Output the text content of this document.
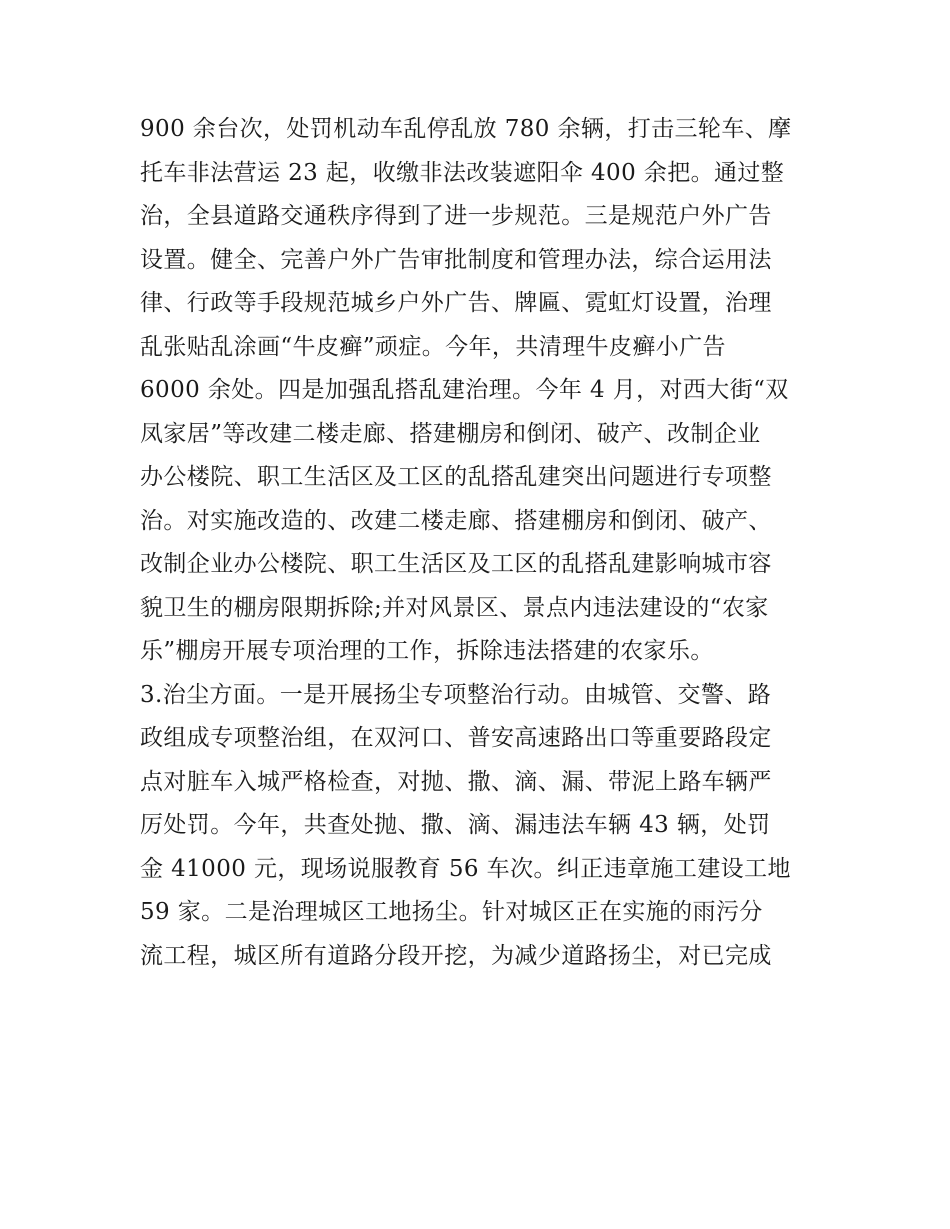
900 余台次，处罚机动车乱停乱放 780 余辆，打击三轮车、摩
托车非法营运 23 起，收缴非法改装遮阳伞 400 余把。通过整
治，全县道路交通秩序得到了进一步规范。三是规范户外广告
设置。健全、完善户外广告审批制度和管理办法，综合运用法
律、行政等手段规范城乡户外广告、牌匾、霓虹灯设置，治理
乱张贴乱涂画“牛皮癣”顽症。今年，共清理牛皮癣小广告
6000 余处。四是加强乱搭乱建治理。今年 4 月，对西大街“双
凤家居”等改建二楼走廊、搭建棚房和倒闭、破产、改制企业
办公楼院、职工生活区及工区的乱搭乱建突出问题进行专项整
治。对实施改造的、改建二楼走廊、搭建棚房和倒闭、破产、
改制企业办公楼院、职工生活区及工区的乱搭乱建影响城市容
貌卫生的棚房限期拆除;并对风景区、景点内违法建设的“农家
乐”棚房开展专项治理的工作，拆除违法搭建的农家乐。
3.治尘方面。一是开展扬尘专项整治行动。由城管、交警、路
政组成专项整治组，在双河口、普安高速路出口等重要路段定
点对脏车入城严格检查，对抛、撒、滴、漏、带泥上路车辆严
厉处罚。今年，共查处抛、撒、滴、漏违法车辆 43 辆，处罚
金 41000 元，现场说服教育 56 车次。纠正违章施工建设工地
59 家。二是治理城区工地扬尘。针对城区正在实施的雨污分
流工程，城区所有道路分段开挖，为减少道路扬尘，对已完成
